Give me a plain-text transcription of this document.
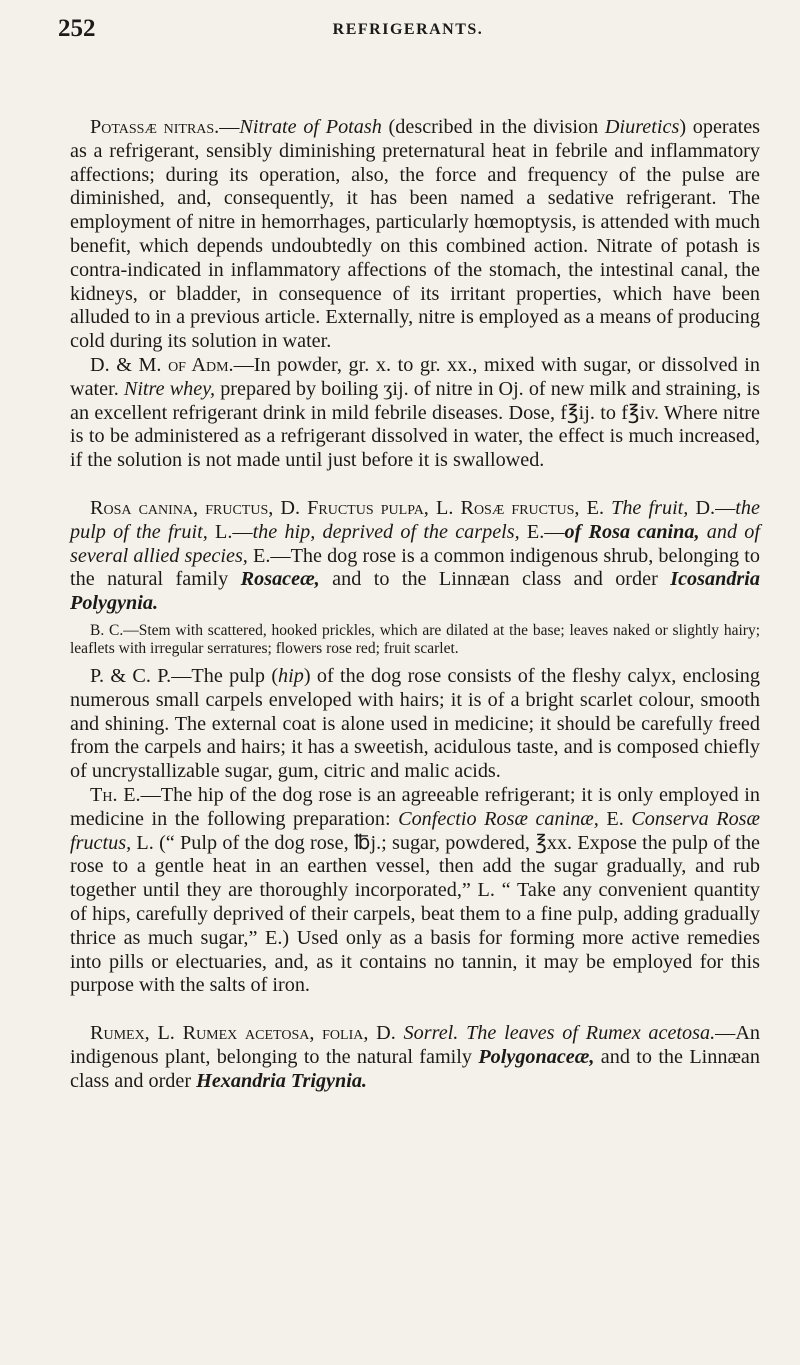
252	REFRIGERANTS.

Potassæ nitras.—Nitrate of Potash (described in the division Diuretics) operates as a refrigerant, sensibly diminishing preternatural heat in febrile and inflammatory affections; during its operation, also, the force and frequency of the pulse are diminished, and, consequently, it has been named a sedative refrigerant. The employment of nitre in hemorrhages, particularly hœmoptysis, is attended with much benefit, which depends undoubtedly on this combined action. Nitrate of potash is contra-indicated in inflammatory affections of the stomach, the intestinal canal, the kidneys, or bladder, in consequence of its irritant properties, which have been alluded to in a previous article. Externally, nitre is employed as a means of producing cold during its solution in water.

D. & M. of Adm.—In powder, gr. x. to gr. xx., mixed with sugar, or dissolved in water. Nitre whey, prepared by boiling ʒij. of nitre in Oj. of new milk and straining, is an excellent refrigerant drink in mild febrile diseases. Dose, f℥ij. to f℥iv. Where nitre is to be administered as a refrigerant dissolved in water, the effect is much increased, if the solution is not made until just before it is swallowed.

Rosa canina, fructus, D. Fructus pulpa, L. Rosæ fructus, E. The fruit, D.—the pulp of the fruit, L.—the hip, deprived of the carpels, E.—of Rosa canina, and of several allied species, E.—The dog rose is a common indigenous shrub, belonging to the natural family Rosaceæ, and to the Linnæan class and order Icosandria Polygynia.

B. C.—Stem with scattered, hooked prickles, which are dilated at the base; leaves naked or slightly hairy; leaflets with irregular serratures; flowers rose red; fruit scarlet.

P. & C. P.—The pulp (hip) of the dog rose consists of the fleshy calyx, enclosing numerous small carpels enveloped with hairs; it is of a bright scarlet colour, smooth and shining. The external coat is alone used in medicine; it should be carefully freed from the carpels and hairs; it has a sweetish, acidulous taste, and is composed chiefly of uncrystallizable sugar, gum, citric and malic acids.

Th. E.—The hip of the dog rose is an agreeable refrigerant; it is only employed in medicine in the following preparation: Confectio Rosæ caninæ, E. Conserva Rosæ fructus, L. (“ Pulp of the dog rose, ℔j.; sugar, powdered, ℥xx. Expose the pulp of the rose to a gentle heat in an earthen vessel, then add the sugar gradually, and rub together until they are thoroughly incorporated,” L. “ Take any convenient quantity of hips, carefully deprived of their carpels, beat them to a fine pulp, adding gradually thrice as much sugar,” E.) Used only as a basis for forming more active remedies into pills or electuaries, and, as it contains no tannin, it may be employed for this purpose with the salts of iron.

Rumex, L. Rumex acetosa, folia, D. Sorrel. The leaves of Rumex acetosa.—An indigenous plant, belonging to the natural family Polygonaceæ, and to the Linnæan class and order Hexandria Trigynia.
